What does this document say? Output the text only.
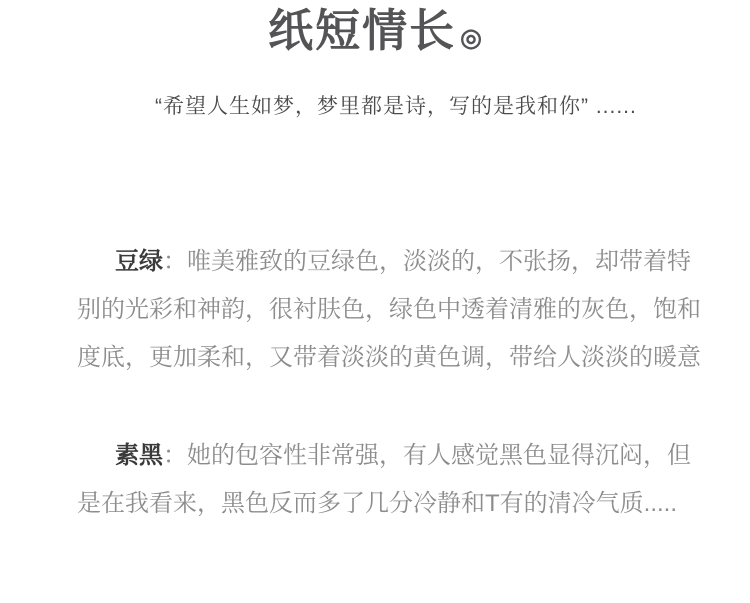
纸短情长 ◎
“希望人生如梦，梦里都是诗，写的是我和你” ......
豆绿：唯美雅致的豆绿色，淡淡的，不张扬，却带着特
别的光彩和神韵，很衬肤色，绿色中透着清雅的灰色，饱和
度底，更加柔和，又带着淡淡的黄色调，带给人淡淡的暖意
素黑：她的包容性非常强，有人感觉黑色显得沉闷，但
是在我看来，黑色反而多了几分冷静和T有的清冷气质.....
